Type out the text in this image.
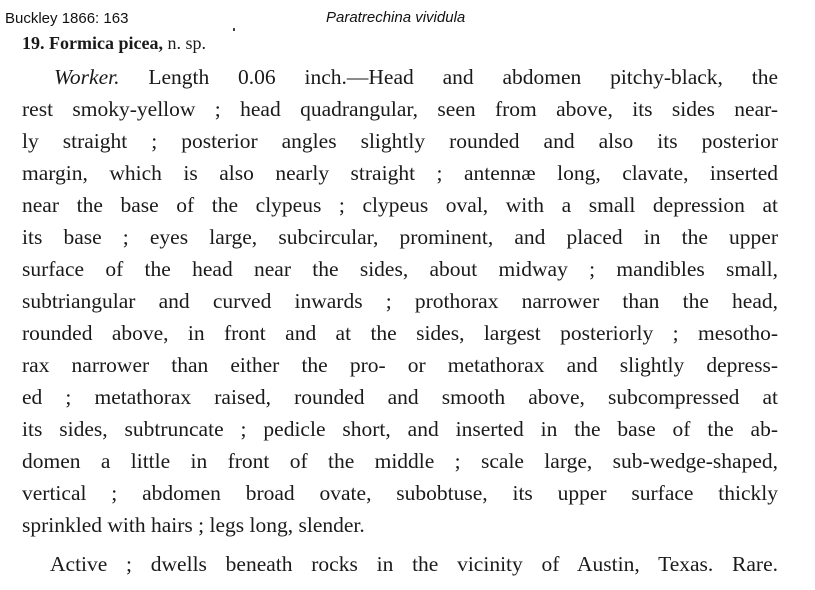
Buckley 1866: 163	Paratrechina vividula
19. Formica picea, n. sp.
Worker. Length 0.06 inch.—Head and abdomen pitchy-black, the
rest smoky-yellow ; head quadrangular, seen from above, its sides near-
ly straight ; posterior angles slightly rounded and also its posterior
margin, which is also nearly straight ; antennæ long, clavate, inserted
near the base of the clypeus ; clypeus oval, with a small depression at
its base ; eyes large, subcircular, prominent, and placed in the upper
surface of the head near the sides, about midway ; mandibles small,
subtriangular and curved inwards ; prothorax narrower than the head,
rounded above, in front and at the sides, largest posteriorly ; mesotho-
rax narrower than either the pro- or metathorax and slightly depress-
ed ; metathorax raised, rounded and smooth above, subcompressed at
its sides, subtruncate ; pedicle short, and inserted in the base of the ab-
domen a little in front of the middle ; scale large, sub-wedge-shaped,
vertical ; abdomen broad ovate, subobtuse, its upper surface thickly
sprinkled with hairs ; legs long, slender.
Active ; dwells beneath rocks in the vicinity of Austin, Texas. Rare.
